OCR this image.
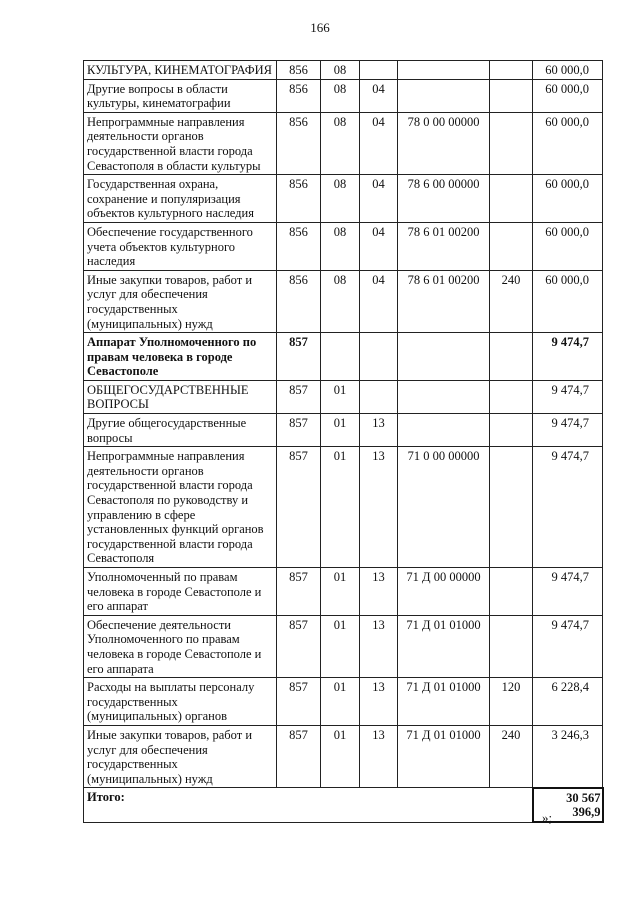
166
КУЛЬТУРА, КИНЕМАТОГРАФИЯ	856	08				60 000,0
Другие вопросы в области культуры, кинематографии	856	08	04			60 000,0
Непрограммные направления деятельности органов государственной власти города Севастополя в области культуры	856	08	04	78 0 00 00000		60 000,0
Государственная охрана, сохранение и популяризация объектов культурного наследия	856	08	04	78 6 00 00000		60 000,0
Обеспечение государственного учета объектов культурного наследия	856	08	04	78 6 01 00200		60 000,0
Иные закупки товаров, работ и услуг для обеспечения государственных (муниципальных) нужд	856	08	04	78 6 01 00200	240	60 000,0
Аппарат Уполномоченного по правам человека в городе Севастополе	857					9 474,7
ОБЩЕГОСУДАРСТВЕННЫЕ ВОПРОСЫ	857	01				9 474,7
Другие общегосударственные вопросы	857	01	13			9 474,7
Непрограммные направления деятельности органов государственной власти города Севастополя по руководству и управлению в сфере установленных функций органов государственной власти города Севастополя	857	01	13	71 0 00 00000		9 474,7
Уполномоченный по правам человека в городе Севастополе и его аппарат	857	01	13	71 Д 00 00000		9 474,7
Обеспечение деятельности Уполномоченного по правам человека в городе Севастополе и его аппарата	857	01	13	71 Д 01 01000		9 474,7
Расходы на выплаты персоналу государственных (муниципальных) органов	857	01	13	71 Д 01 01000	120	6 228,4
Иные закупки товаров, работ и услуг для обеспечения государственных (муниципальных) нужд	857	01	13	71 Д 01 01000	240	3 246,3
Итого:						30 567 396,9
»;
